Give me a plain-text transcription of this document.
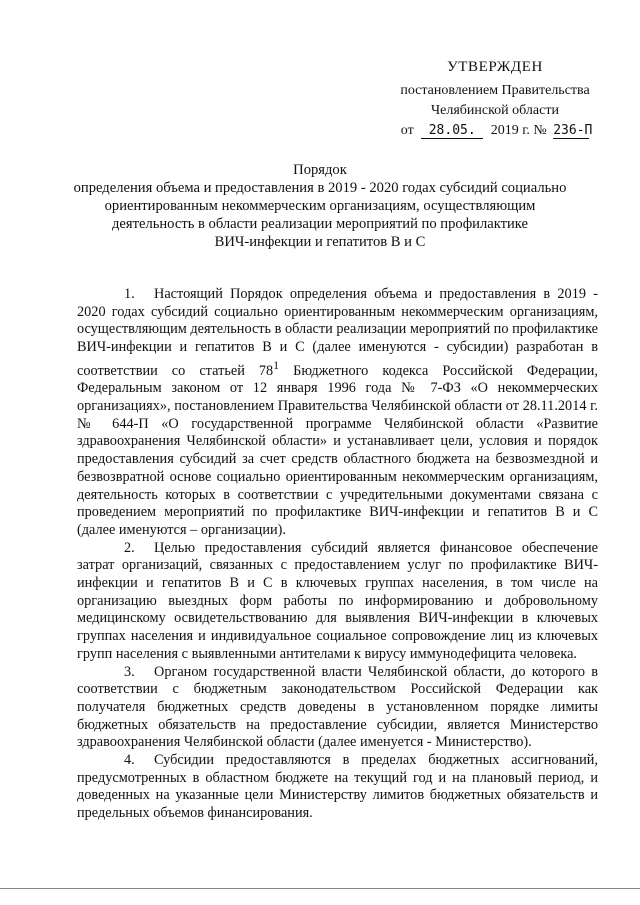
УТВЕРЖДЕН
постановлением Правительства
Челябинской области
от 28.05. 2019 г. № 236-П
Порядок
определения объема и предоставления в 2019 - 2020 годах субсидий социально
ориентированным некоммерческим организациям, осуществляющим
деятельность в области реализации мероприятий по профилактике
ВИЧ-инфекции и гепатитов В и С

1. Настоящий Порядок определения объема и предоставления в 2019 - 2020 годах субсидий социально ориентированным некоммерческим организациям, осуществляющим деятельность в области реализации мероприятий по профилактике ВИЧ-инфекции и гепатитов В и С (далее именуются - субсидии) разработан в соответствии со статьей $78^1$ Бюджетного кодекса Российской Федерации, Федеральным законом от 12 января 1996 года № 7-ФЗ «О некоммерческих организациях», постановлением Правительства Челябинской области от 28.11.2014 г. № 644-П «О государственной программе Челябинской области «Развитие здравоохранения Челябинской области» и устанавливает цели, условия и порядок предоставления субсидий за счет средств областного бюджета на безвозмездной и безвозвратной основе социально ориентированным некоммерческим организациям, деятельность которых в соответствии с учредительными документами связана с проведением мероприятий по профилактике ВИЧ-инфекции и гепатитов В и С (далее именуются – организации).

2. Целью предоставления субсидий является финансовое обеспечение затрат организаций, связанных с предоставлением услуг по профилактике ВИЧ-инфекции и гепатитов В и С в ключевых группах населения, в том числе на организацию выездных форм работы по информированию и добровольному медицинскому освидетельствованию для выявления ВИЧ-инфекции в ключевых группах населения и индивидуальное социальное сопровождение лиц из ключевых групп населения с выявленными антителами к вирусу иммунодефицита человека.

3. Органом государственной власти Челябинской области, до которого в соответствии с бюджетным законодательством Российской Федерации как получателя бюджетных средств доведены в установленном порядке лимиты бюджетных обязательств на предоставление субсидии, является Министерство здравоохранения Челябинской области (далее именуется - Министерство).

4. Субсидии предоставляются в пределах бюджетных ассигнований, предусмотренных в областном бюджете на текущий год и на плановый период, и доведенных на указанные цели Министерству лимитов бюджетных обязательств и предельных объемов финансирования.
